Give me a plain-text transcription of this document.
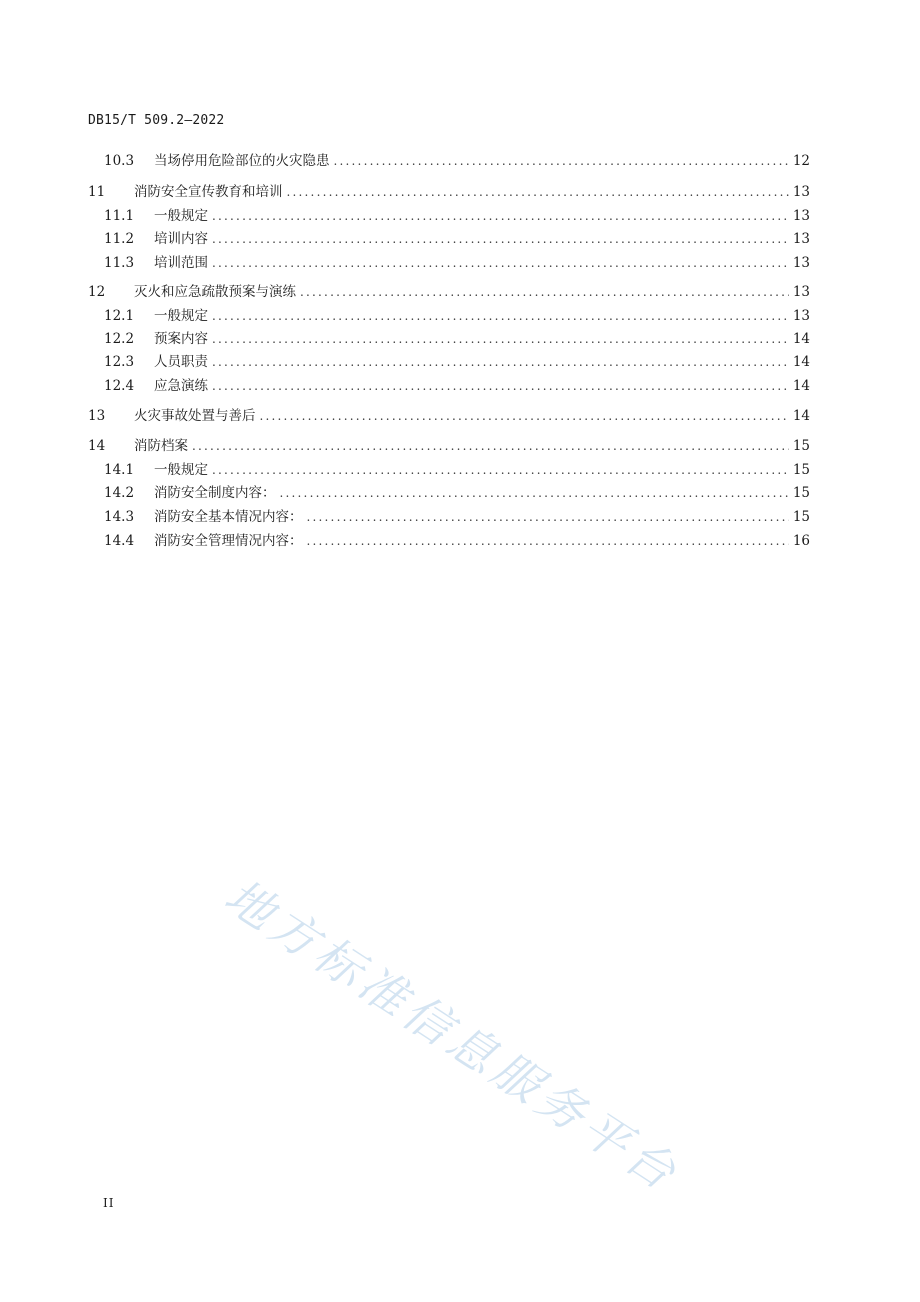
DB15/T 509.2—2022
10.3	当场停用危险部位的火灾隐患 .....	12
11	消防安全宣传教育和培训 .....	13
11.1	一般规定 .....	13
11.2	培训内容 .....	13
11.3	培训范围 .....	13
12	灭火和应急疏散预案与演练 .....	13
12.1	一般规定 .....	13
12.2	预案内容 .....	14
12.3	人员职责 .....	14
12.4	应急演练 .....	14
13	火灾事故处置与善后 .....	14
14	消防档案 .....	15
14.1	一般规定 .....	15
14.2	消防安全制度内容： .....	15
14.3	消防安全基本情况内容： .....	15
14.4	消防安全管理情况内容： .....	16
地方标准信息服务平台
II
